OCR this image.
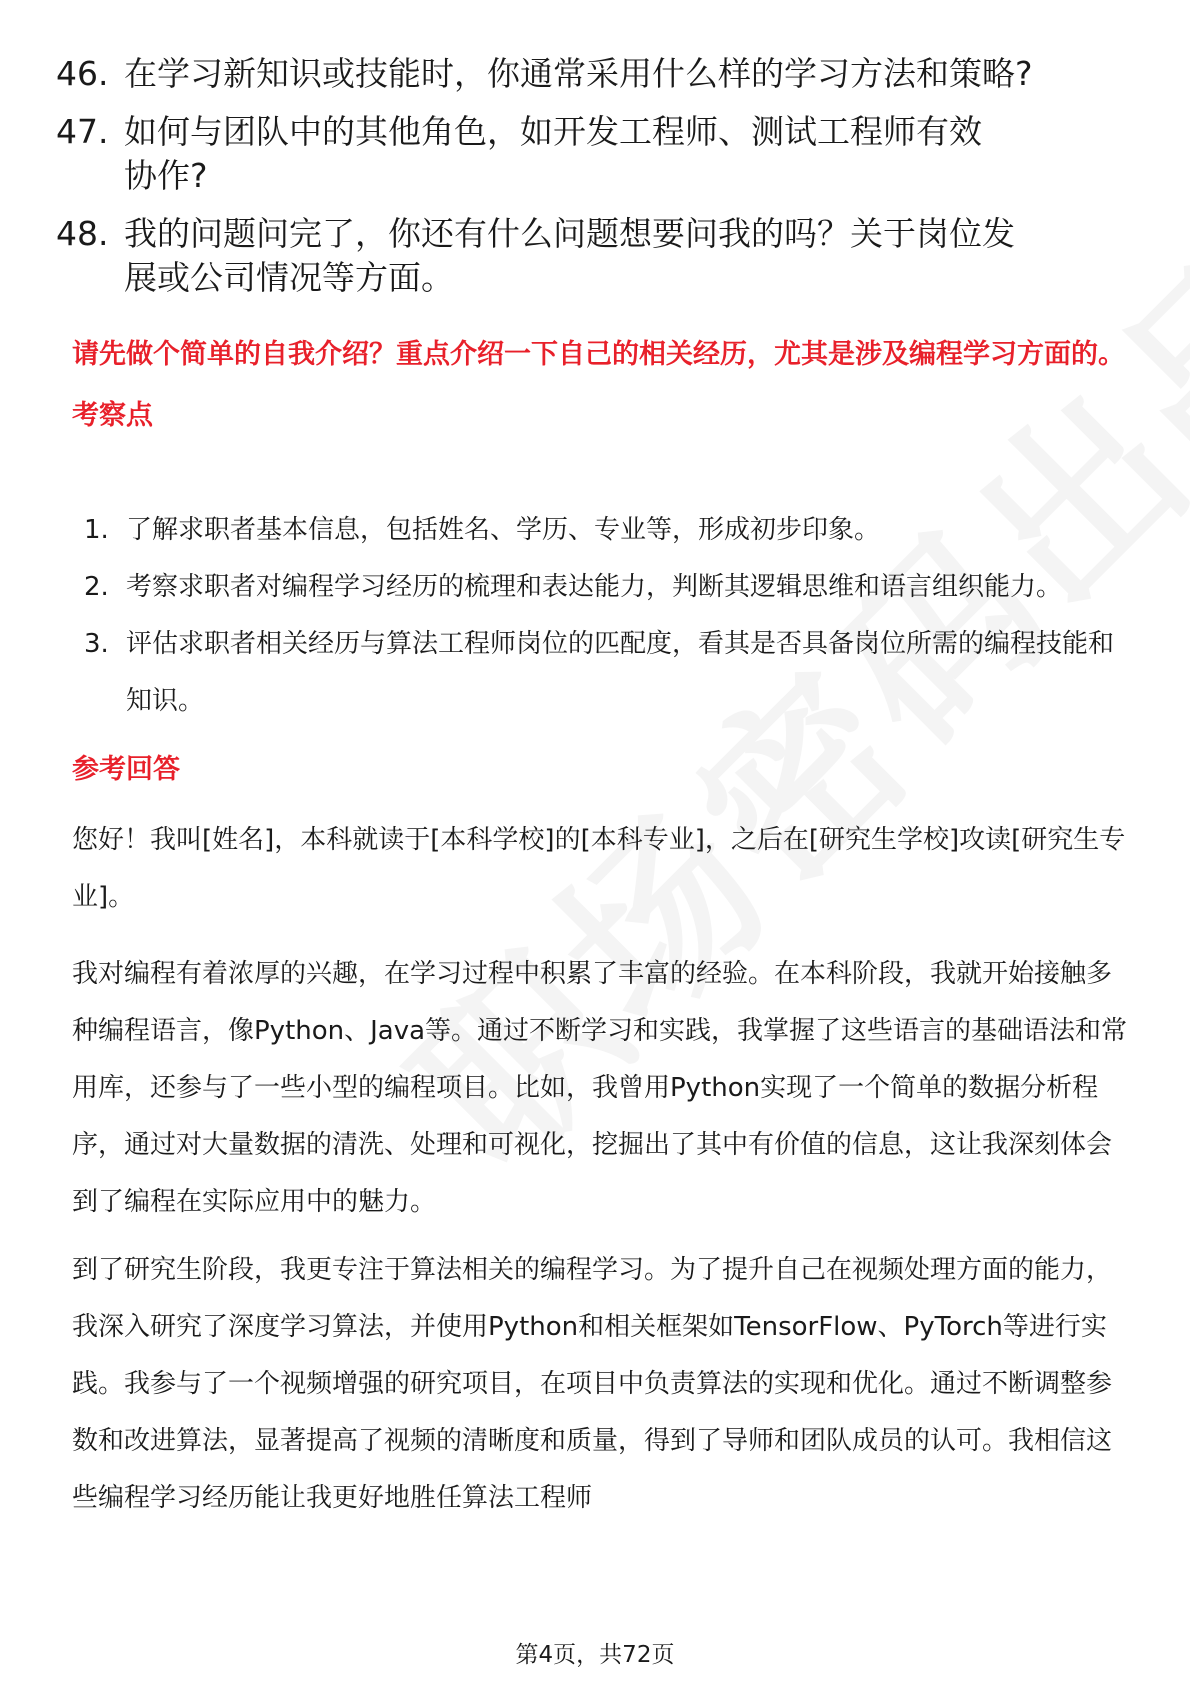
46. 在学习新知识或技能时，你通常采用什么样的学习方法和策略?
47. 如何与团队中的其他角色，如开发工程师、测试工程师有效协作?
48. 我的问题问完了，你还有什么问题想要问我的吗？关于岗位发展或公司情况等方面。
请先做个简单的自我介绍？重点介绍一下自己的相关经历，尤其是涉及编程学习方面的。
考察点
1. 了解求职者基本信息，包括姓名、学历、专业等，形成初步印象。
2. 考察求职者对编程学习经历的梳理和表达能力，判断其逻辑思维和语言组织能力。
3. 评估求职者相关经历与算法工程师岗位的匹配度，看其是否具备岗位所需的编程技能和知识。
参考回答
您好！我叫[姓名]，本科就读于[本科学校]的[本科专业]，之后在[研究生学校]攻读[研究生专业]。
我对编程有着浓厚的兴趣，在学习过程中积累了丰富的经验。在本科阶段，我就开始接触多种编程语言，像Python、Java等。通过不断学习和实践，我掌握了这些语言的基础语法和常用库，还参与了一些小型的编程项目。比如，我曾用Python实现了一个简单的数据分析程序，通过对大量数据的清洗、处理和可视化，挖掘出了其中有价值的信息，这让我深刻体会到了编程在实际应用中的魅力。
到了研究生阶段，我更专注于算法相关的编程学习。为了提升自己在视频处理方面的能力，我深入研究了深度学习算法，并使用Python和相关框架如TensorFlow、PyTorch等进行实践。我参与了一个视频增强的研究项目，在项目中负责算法的实现和优化。通过不断调整参数和改进算法，显著提高了视频的清晰度和质量，得到了导师和团队成员的认可。我相信这些编程学习经历能让我更好地胜任算法工程师
第4页，共72页
